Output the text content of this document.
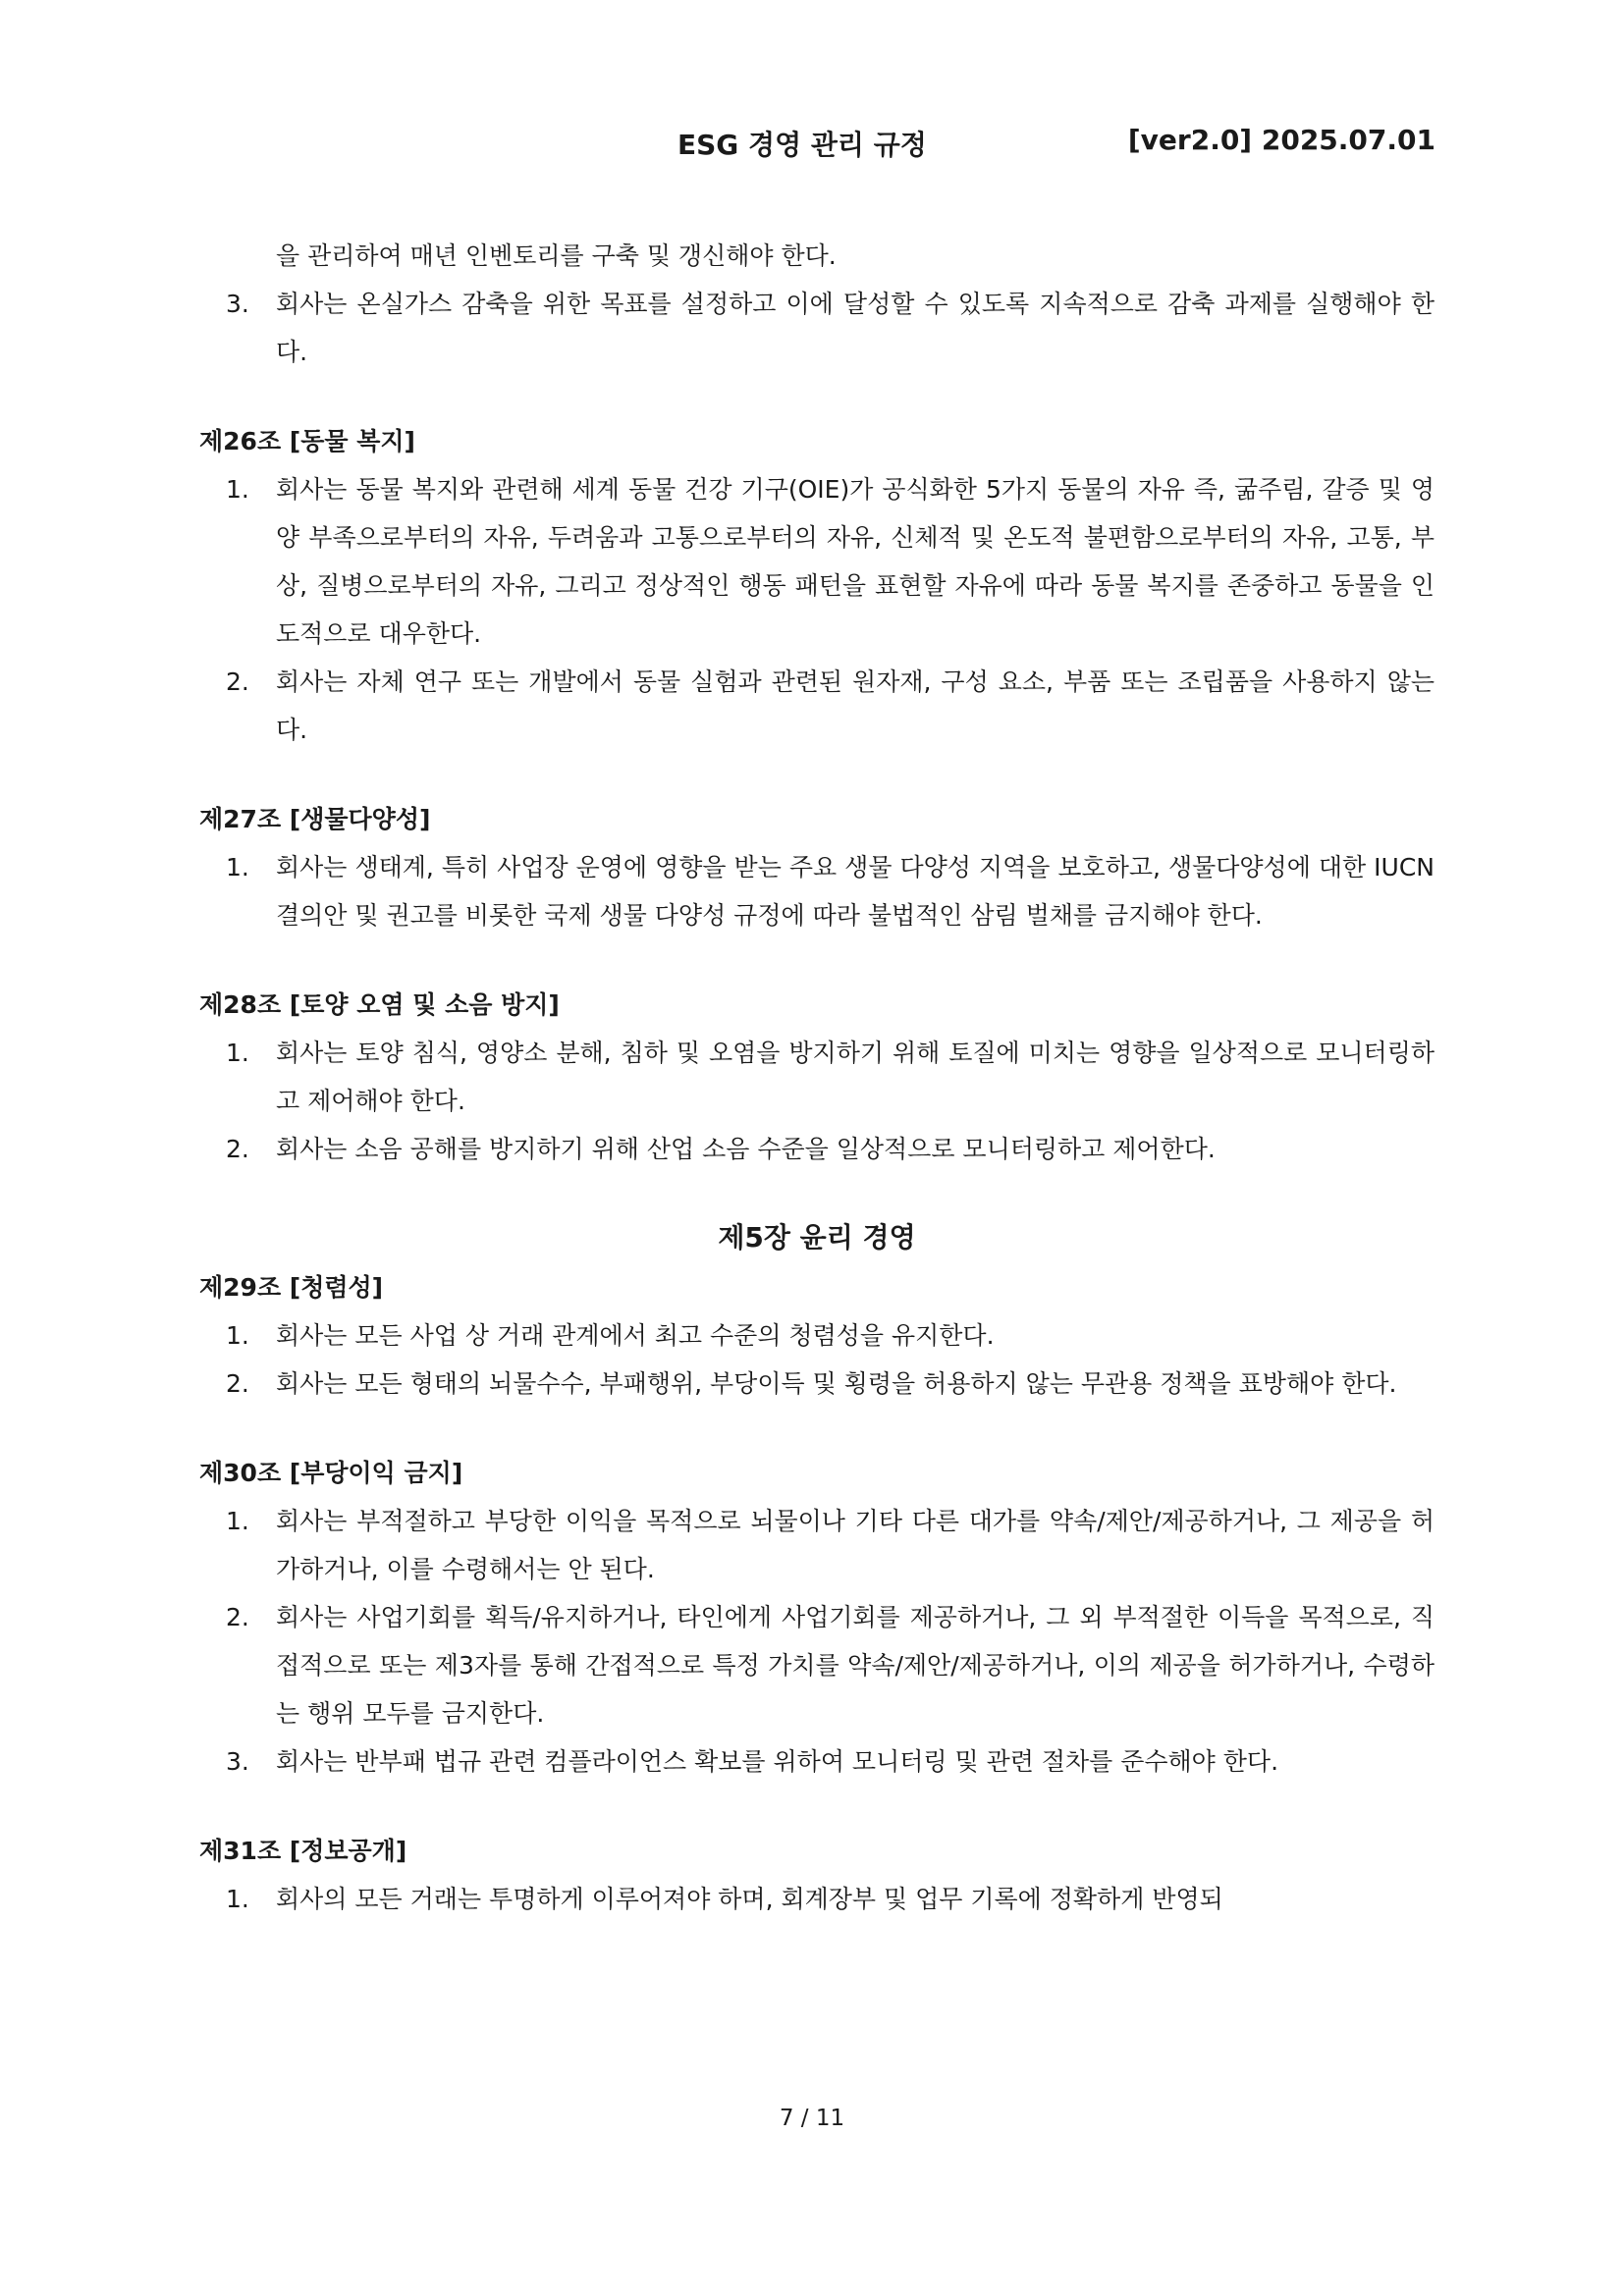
ESG 경영 관리 규정	[ver2.0] 2025.07.01
을 관리하여 매년 인벤토리를 구축 및 갱신해야 한다.
3. 회사는 온실가스 감축을 위한 목표를 설정하고 이에 달성할 수 있도록 지속적으로 감축 과제를 실행해야 한다.
제26조 [동물 복지]
1. 회사는 동물 복지와 관련해 세계 동물 건강 기구(OIE)가 공식화한 5가지 동물의 자유 즉, 굶주림, 갈증 및 영양 부족으로부터의 자유, 두려움과 고통으로부터의 자유, 신체적 및 온도적 불편함으로부터의 자유, 고통, 부상, 질병으로부터의 자유, 그리고 정상적인 행동 패턴을 표현할 자유에 따라 동물 복지를 존중하고 동물을 인도적으로 대우한다.
2. 회사는 자체 연구 또는 개발에서 동물 실험과 관련된 원자재, 구성 요소, 부품 또는 조립품을 사용하지 않는다.
제27조 [생물다양성]
1. 회사는 생태계, 특히 사업장 운영에 영향을 받는 주요 생물 다양성 지역을 보호하고, 생물다양성에 대한 IUCN 결의안 및 권고를 비롯한 국제 생물 다양성 규정에 따라 불법적인 삼림 벌채를 금지해야 한다.
제28조 [토양 오염 및 소음 방지]
1. 회사는 토양 침식, 영양소 분해, 침하 및 오염을 방지하기 위해 토질에 미치는 영향을 일상적으로 모니터링하고 제어해야 한다.
2. 회사는 소음 공해를 방지하기 위해 산업 소음 수준을 일상적으로 모니터링하고 제어한다.
제5장 윤리 경영
제29조 [청렴성]
1. 회사는 모든 사업 상 거래 관계에서 최고 수준의 청렴성을 유지한다.
2. 회사는 모든 형태의 뇌물수수, 부패행위, 부당이득 및 횡령을 허용하지 않는 무관용 정책을 표방해야 한다.
제30조 [부당이익 금지]
1. 회사는 부적절하고 부당한 이익을 목적으로 뇌물이나 기타 다른 대가를 약속/제안/제공하거나, 그 제공을 허가하거나, 이를 수령해서는 안 된다.
2. 회사는 사업기회를 획득/유지하거나, 타인에게 사업기회를 제공하거나, 그 외 부적절한 이득을 목적으로, 직접적으로 또는 제3자를 통해 간접적으로 특정 가치를 약속/제안/제공하거나, 이의 제공을 허가하거나, 수령하는 행위 모두를 금지한다.
3. 회사는 반부패 법규 관련 컴플라이언스 확보를 위하여 모니터링 및 관련 절차를 준수해야 한다.
제31조 [정보공개]
1. 회사의 모든 거래는 투명하게 이루어져야 하며, 회계장부 및 업무 기록에 정확하게 반영되
7 / 11
